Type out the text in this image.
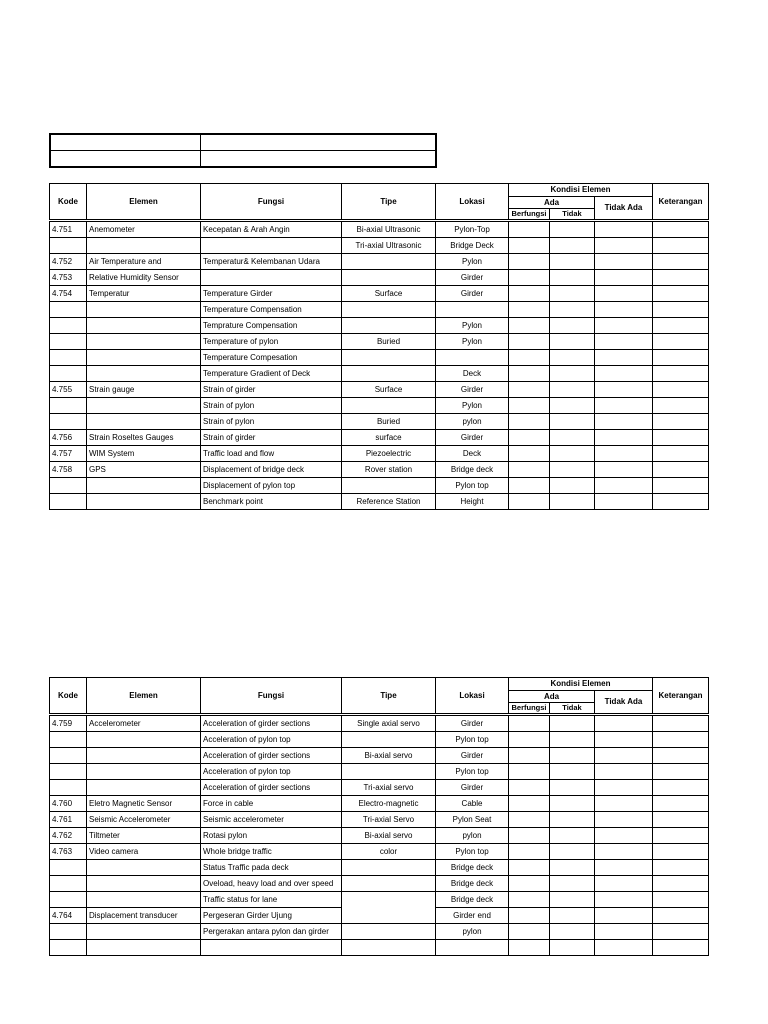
Kode	Elemen	Fungsi	Tipe	Lokasi	Kondisi Elemen			Keterangan
					Ada		Tidak Ada	
					Berfungsi	Tidak		
4.751	Anemometer	Kecepatan & Arah Angin	Bi-axial Ultrasonic	Pylon-Top				
			Tri-axial Ultrasonic	Bridge Deck				
4.752	Air Temperature and	Temperatur& Kelembanan Udara		Pylon				
4.753	Relative Humidity Sensor			Girder				
4.754	Temperatur	Temperature Girder	Surface	Girder				
		Temperature Compensation						
		Temprature Compensation		Pylon				
		Temperature of pylon	Buried	Pylon				
		Temperature Compesation						
		Temperature Gradient of Deck		Deck				
4.755	Strain gauge	Strain of girder	Surface	Girder				
		Strain of pylon		Pylon				
		Strain of pylon	Buried	pylon				
4.756	Strain Roseltes Gauges	Strain of girder	surface	Girder				
4.757	WIM System	Traffic load and flow	Piezoelectric	Deck				
4.758	GPS	Displacement of bridge deck	Rover station	Bridge deck				
		Displacement of pylon top		Pylon top				
		Benchmark point	Reference Station	Height				
Kode	Elemen	Fungsi	Tipe	Lokasi	Kondisi Elemen			Keterangan
					Ada		Tidak Ada	
					Berfungsi	Tidak		
4.759	Accelerometer	Acceleration of girder sections	Single axial servo	Girder				
		Acceleration of pylon top		Pylon top				
		Acceleration of girder sections	Bi-axial servo	Girder				
		Acceleration of pylon top		Pylon top				
		Acceleration of girder sections	Tri-axial servo	Girder				
4.760	Eletro Magnetic Sensor	Force in cable	Electro-magnetic	Cable				
4.761	Seismic Accelerometer	Seismic accelerometer	Tri-axial Servo	Pylon Seat				
4.762	Tiltmeter	Rotasi pylon	Bi-axial servo	pylon				
4.763	Video camera	Whole bridge traffic	color	Pylon top				
		Status Traffic pada deck		Bridge deck				
		Oveload, heavy load and over speed		Bridge deck				
		Traffic status for lane		Bridge deck				
4.764	Displacement transducer	Pergeseran Girder Ujung		Girder end				
		Pergerakan antara pylon dan girder		pylon				
